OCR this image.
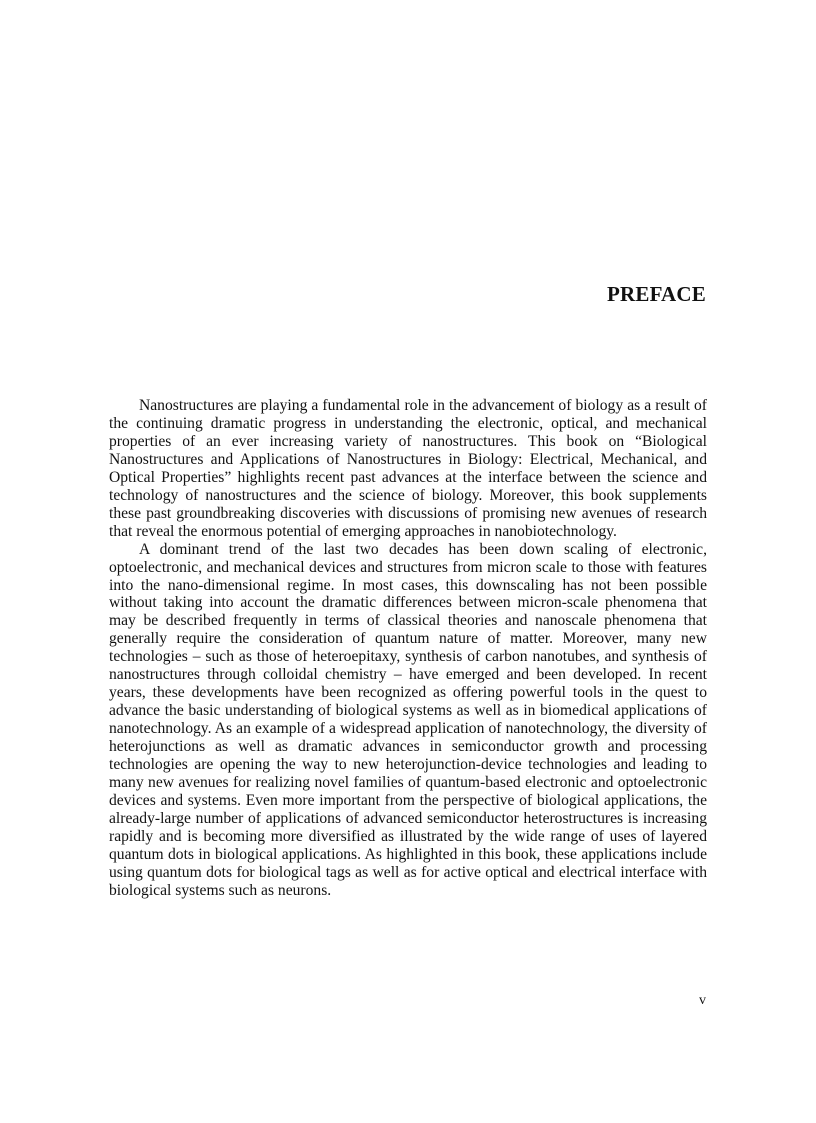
PREFACE

Nanostructures are playing a fundamental role in the advancement of biology as a result of the continuing dramatic progress in understanding the electronic, optical, and mechanical properties of an ever increasing variety of nanostructures. This book on “Biological Nanostructures and Applications of Nanostructures in Biology: Electrical, Mechanical, and Optical Properties” highlights recent past advances at the interface between the science and technology of nanostructures and the science of biology. Moreover, this book supplements these past groundbreaking discoveries with discussions of promising new avenues of research that reveal the enormous potential of emerging approaches in nanobiotechnology.

A dominant trend of the last two decades has been down scaling of electronic, optoelectronic, and mechanical devices and structures from micron scale to those with features into the nano-dimensional regime. In most cases, this downscaling has not been possible without taking into account the dramatic differences between micron-scale phenomena that may be described frequently in terms of classical theories and nanoscale phenomena that generally require the consideration of quantum nature of matter. Moreover, many new technologies – such as those of heteroepitaxy, synthesis of carbon nanotubes, and synthesis of nanostructures through colloidal chemistry – have emerged and been developed. In recent years, these developments have been recognized as offering powerful tools in the quest to advance the basic understanding of biological systems as well as in biomedical applications of nanotechnology. As an example of a widespread application of nanotechnology, the diversity of heterojunctions as well as dramatic advances in semiconductor growth and processing technologies are opening the way to new heterojunction-device technologies and leading to many new avenues for realizing novel families of quantum-based electronic and optoelectronic devices and systems. Even more important from the perspective of biological applications, the already-large number of applications of advanced semiconductor heterostructures is increasing rapidly and is becoming more diversified as illustrated by the wide range of uses of layered quantum dots in biological applications. As highlighted in this book, these applications include using quantum dots for biological tags as well as for active optical and electrical interface with biological systems such as neurons.

v
